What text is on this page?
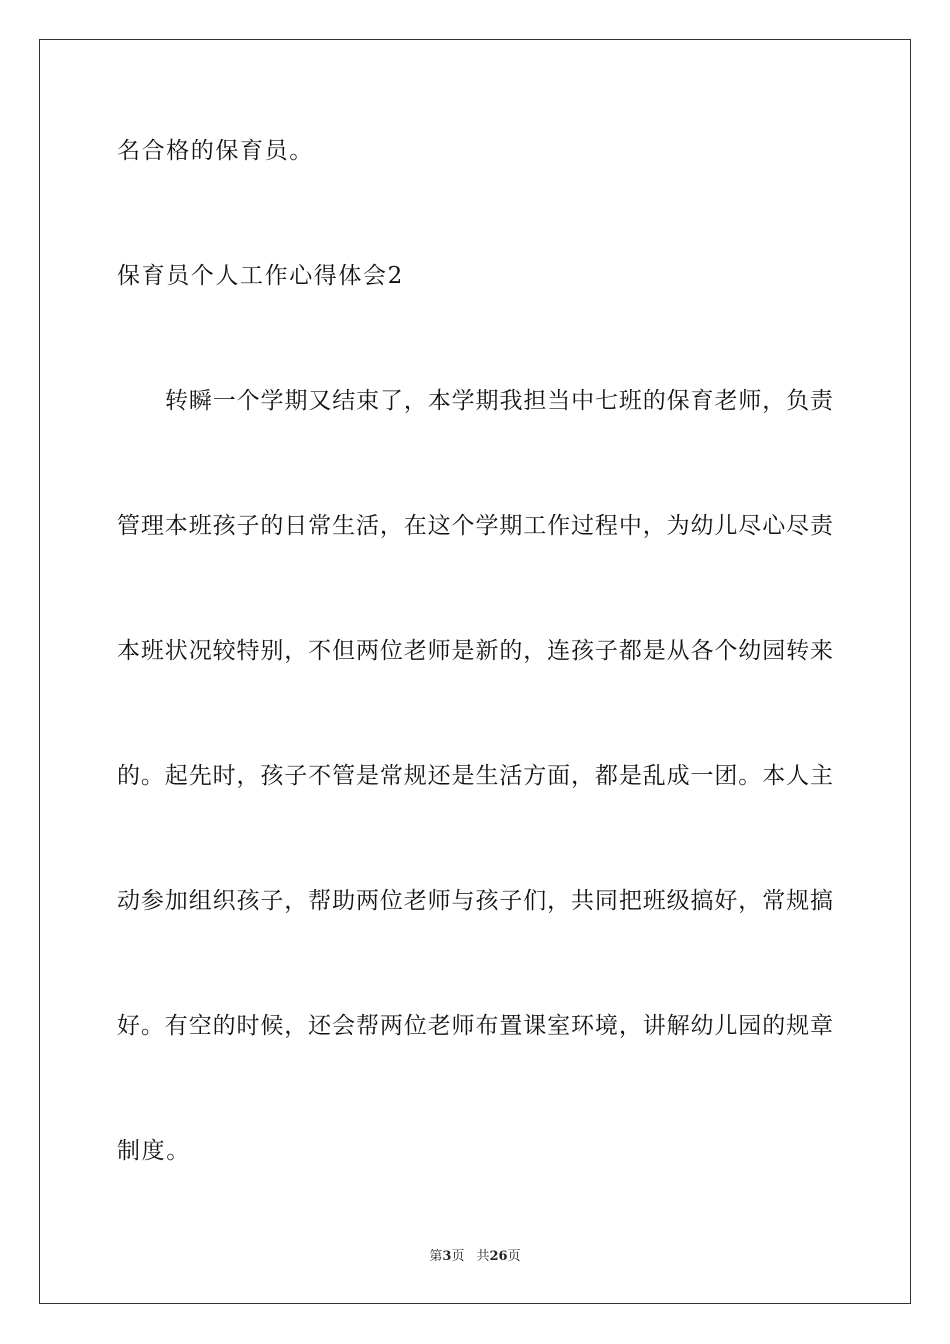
名合格的保育员。
保育员个人工作心得体会2
转瞬一个学期又结束了，本学期我担当中七班的保育老师，负责
管理本班孩子的日常生活，在这个学期工作过程中，为幼儿尽心尽责
本班状况较特别，不但两位老师是新的，连孩子都是从各个幼园转来
的。起先时，孩子不管是常规还是生活方面，都是乱成一团。本人主
动参加组织孩子，帮助两位老师与孩子们，共同把班级搞好，常规搞
好。有空的时候，还会帮两位老师布置课室环境，讲解幼儿园的规章
制度。
第3页 共26页
